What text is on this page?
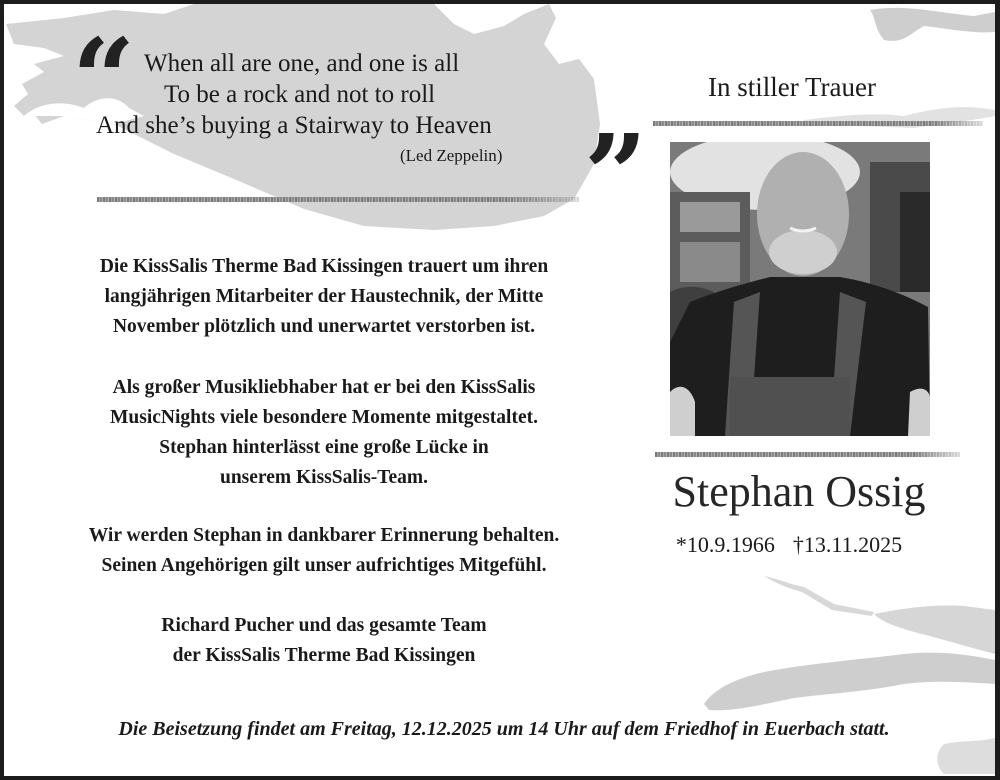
“ When all are one, and one is all
To be a rock and not to roll
And she’s buying a Stairway to Heaven
(Led Zeppelin) ”
Die KissSalis Therme Bad Kissingen trauert um ihren
langjährigen Mitarbeiter der Haustechnik, der Mitte
November plötzlich und unerwartet verstorben ist.
Als großer Musikliebhaber hat er bei den KissSalis
MusicNights viele besondere Momente mitgestaltet.
Stephan hinterlässt eine große Lücke in
unserem KissSalis-Team.
Wir werden Stephan in dankbarer Erinnerung behalten.
Seinen Angehörigen gilt unser aufrichtiges Mitgefühl.
Richard Pucher und das gesamte Team
der KissSalis Therme Bad Kissingen
In stiller Trauer
Stephan Ossig
*10.9.1966 †13.11.2025
Die Beisetzung findet am Freitag, 12.12.2025 um 14 Uhr auf dem Friedhof in Euerbach statt.
